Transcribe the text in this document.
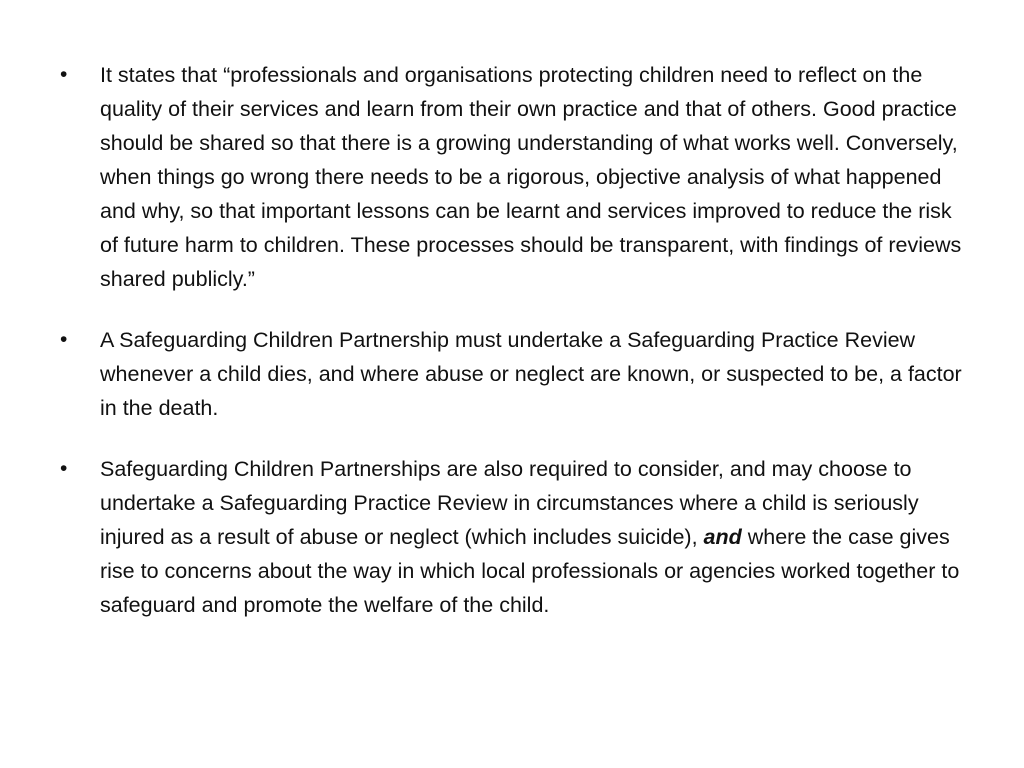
•	It states that “professionals and organisations protecting children need to reflect on the quality of their services and learn from their own practice and that of others. Good practice should be shared so that there is a growing understanding of what works well. Conversely, when things go wrong there needs to be a rigorous, objective analysis of what happened and why, so that important lessons can be learnt and services improved to reduce the risk of future harm to children. These processes should be transparent, with findings of reviews shared publicly.”
•	A Safeguarding Children Partnership must undertake a Safeguarding Practice Review whenever a child dies, and where abuse or neglect are known, or suspected to be, a factor in the death.
•	Safeguarding Children Partnerships are also required to consider, and may choose to undertake a Safeguarding Practice Review in circumstances where a child is seriously injured as a result of abuse or neglect (which includes suicide), and where the case gives rise to concerns about the way in which local professionals or agencies worked together to safeguard and promote the welfare of the child.
